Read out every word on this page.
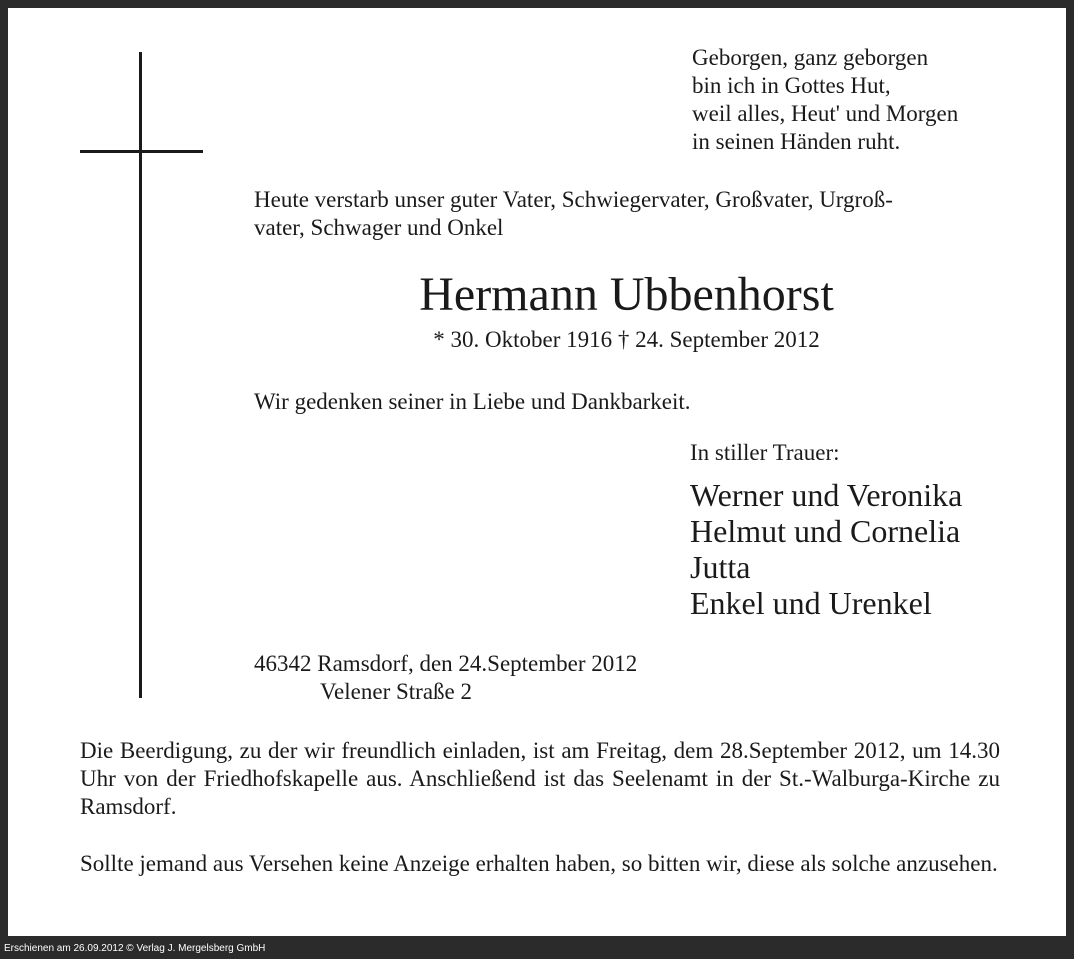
Geborgen, ganz geborgen
bin ich in Gottes Hut,
weil alles, Heut' und Morgen
in seinen Händen ruht.
Heute verstarb unser guter Vater, Schwiegervater, Großvater, Urgroß-
vater, Schwager und Onkel
Hermann Ubbenhorst
* 30. Oktober 1916 † 24. September 2012
Wir gedenken seiner in Liebe und Dankbarkeit.
In stiller Trauer:
Werner und Veronika
Helmut und Cornelia
Jutta
Enkel und Urenkel
46342 Ramsdorf, den 24.September 2012
Velener Straße 2
Die Beerdigung, zu der wir freundlich einladen, ist am Freitag, dem 28.September 2012, um 14.30 Uhr von der Friedhofskapelle aus. Anschließend ist das Seelenamt in der St.-Walburga-Kirche zu Ramsdorf.
Sollte jemand aus Versehen keine Anzeige erhalten haben, so bitten wir, diese als solche anzusehen.
Erschienen am 26.09.2012 © Verlag J. Mergelsberg GmbH
